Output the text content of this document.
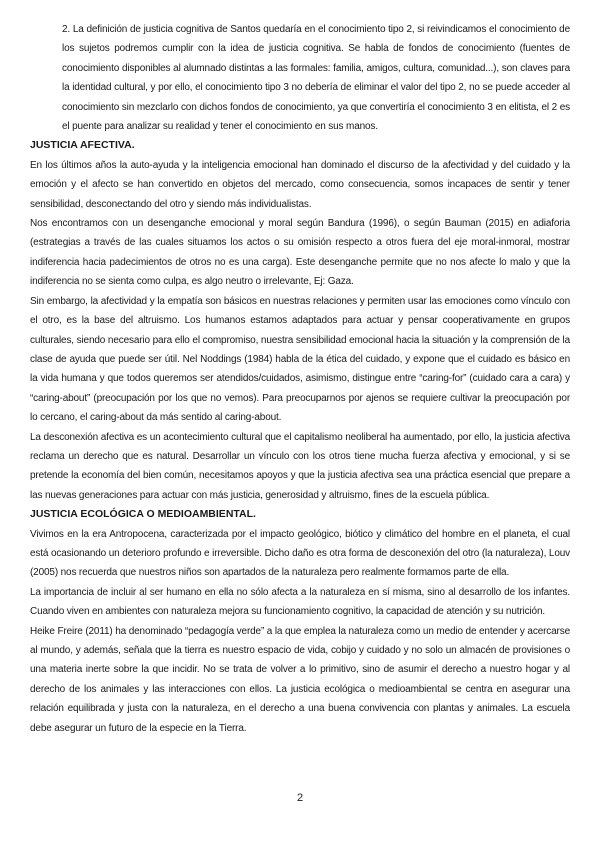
2. La definición de justicia cognitiva de Santos quedaría en el conocimiento tipo 2, si reivindicamos el conocimiento de los sujetos podremos cumplir con la idea de justicia cognitiva. Se habla de fondos de conocimiento (fuentes de conocimiento disponibles al alumnado distintas a las formales: familia, amigos, cultura, comunidad...), son claves para la identidad cultural, y por ello, el conocimiento tipo 3 no debería de eliminar el valor del tipo 2, no se puede acceder al conocimiento sin mezclarlo con dichos fondos de conocimiento, ya que convertiría el conocimiento 3 en elitista, el 2 es el puente para analizar su realidad y tener el conocimiento en sus manos.

JUSTICIA AFECTIVA.

En los últimos años la auto-ayuda y la inteligencia emocional han dominado el discurso de la afectividad y del cuidado y la emoción y el afecto se han convertido en objetos del mercado, como consecuencia, somos incapaces de sentir y tener sensibilidad, desconectando del otro y siendo más individualistas.

Nos encontramos con un desenganche emocional y moral según Bandura (1996), o según Bauman (2015) en adiaforia (estrategias a través de las cuales situamos los actos o su omisión respecto a otros fuera del eje moral-inmoral, mostrar indiferencia hacia padecimientos de otros no es una carga). Este desenganche permite que no nos afecte lo malo y que la indiferencia no se sienta como culpa, es algo neutro o irrelevante, Ej: Gaza.

Sin embargo, la afectividad y la empatía son básicos en nuestras relaciones y permiten usar las emociones como vínculo con el otro, es la base del altruismo. Los humanos estamos adaptados para actuar y pensar cooperativamente en grupos culturales, siendo necesario para ello el compromiso, nuestra sensibilidad emocional hacia la situación y la comprensión de la clase de ayuda que puede ser útil. Nel Noddings (1984) habla de la ética del cuidado, y expone que el cuidado es básico en la vida humana y que todos queremos ser atendidos/cuidados, asimismo, distingue entre “caring-for” (cuidado cara a cara) y “caring-about” (preocupación por los que no vemos). Para preocuparnos por ajenos se requiere cultivar la preocupación por lo cercano, el caring-about da más sentido al caring-about.

La desconexión afectiva es un acontecimiento cultural que el capitalismo neoliberal ha aumentado, por ello, la justicia afectiva reclama un derecho que es natural. Desarrollar un vínculo con los otros tiene mucha fuerza afectiva y emocional, y si se pretende la economía del bien común, necesitamos apoyos y que la justicia afectiva sea una práctica esencial que prepare a las nuevas generaciones para actuar con más justicia, generosidad y altruismo, fines de la escuela pública.

JUSTICIA ECOLÓGICA O MEDIOAMBIENTAL.

Vivimos en la era Antropocena, caracterizada por el impacto geológico, biótico y climático del hombre en el planeta, el cual está ocasionando un deterioro profundo e irreversible. Dicho daño es otra forma de desconexión del otro (la naturaleza), Louv (2005) nos recuerda que nuestros niños son apartados de la naturaleza pero realmente formamos parte de ella.

La importancia de incluir al ser humano en ella no sólo afecta a la naturaleza en sí misma, sino al desarrollo de los infantes. Cuando viven en ambientes con naturaleza mejora su funcionamiento cognitivo, la capacidad de atención y su nutrición.

Heike Freire (2011) ha denominado “pedagogía verde” a la que emplea la naturaleza como un medio de entender y acercarse al mundo, y además, señala que la tierra es nuestro espacio de vida, cobijo y cuidado y no solo un almacén de provisiones o una materia inerte sobre la que incidir. No se trata de volver a lo primitivo, sino de asumir el derecho a nuestro hogar y al derecho de los animales y las interacciones con ellos. La justicia ecológica o medioambiental se centra en asegurar una relación equilibrada y justa con la naturaleza, en el derecho a una buena convivencia con plantas y animales. La escuela debe asegurar un futuro de la especie en la Tierra.

2
